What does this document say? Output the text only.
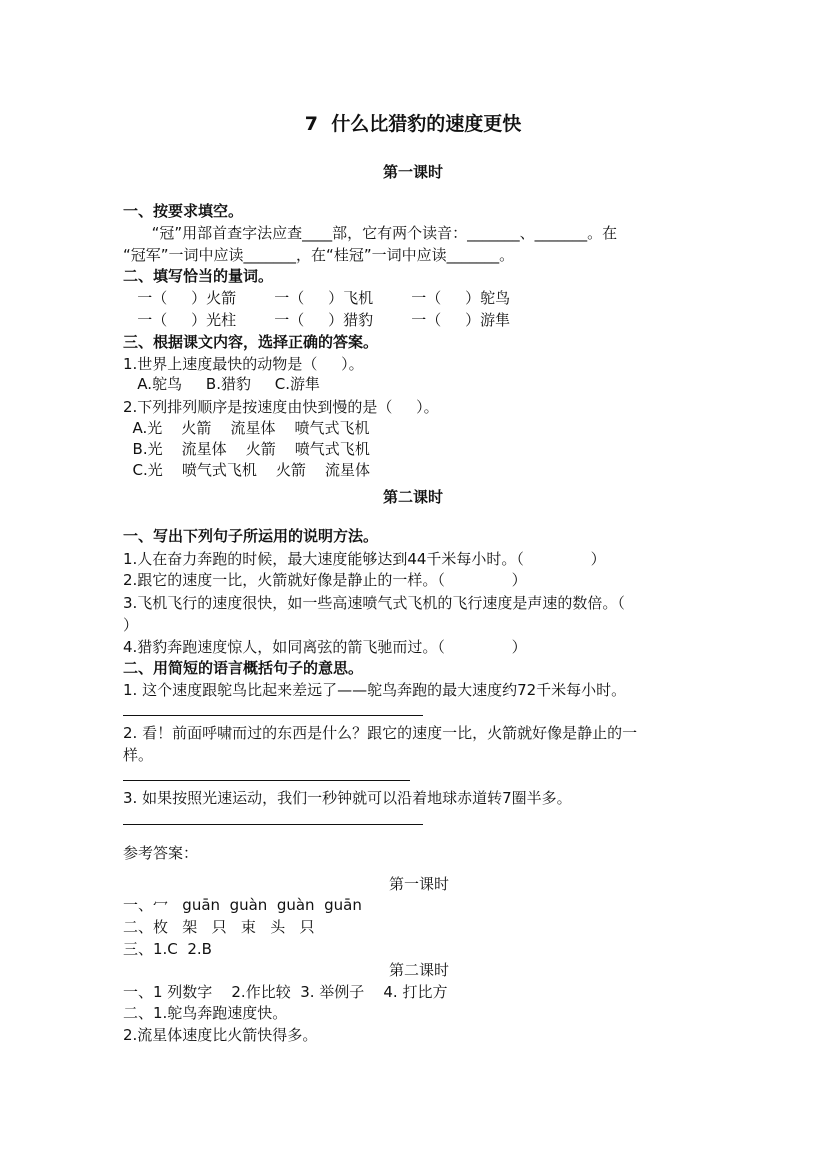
7  什么比猎豹的速度更快
第一课时
一、按要求填空。
“冠”用部首查字法应查____部，它有两个读音：_______、_______。在
“冠军”一词中应读_______，在“桂冠”一词中应读_______。
二、填写恰当的量词。
一（     ）火箭        一（     ）飞机        一（     ）鸵鸟
一（     ）光柱        一（     ）猎豹        一（     ）游隼
三、根据课文内容，选择正确的答案。
1.世界上速度最快的动物是（     ）。
A.鸵鸟     B.猎豹     C.游隼
2.下列排列顺序是按速度由快到慢的是（     ）。
A.光    火箭    流星体    喷气式飞机
B.光    流星体    火箭    喷气式飞机
C.光    喷气式飞机    火箭    流星体
第二课时
一、写出下列句子所运用的说明方法。
1.人在奋力奔跑的时候，最大速度能够达到44千米每小时。（              ）
2.跟它的速度一比，火箭就好像是静止的一样。（              ）
3.飞机飞行的速度很快，如一些高速喷气式飞机的飞行速度是声速的数倍。（
）
4.猎豹奔跑速度惊人，如同离弦的箭飞驰而过。（              ）
二、用简短的语言概括句子的意思。
1. 这个速度跟鸵鸟比起来差远了——鸵鸟奔跑的最大速度约72千米每小时。
2. 看！前面呼啸而过的东西是什么？跟它的速度一比，火箭就好像是静止的一
样。
3. 如果按照光速运动，我们一秒钟就可以沿着地球赤道转7圈半多。
参考答案：
第一课时
一、冖   guān  guàn  guàn  guān
二、枚   架   只   束   头   只
三、1.C  2.B
第二课时
一、1 列数字    2.作比较  3. 举例子    4. 打比方
二、1.鸵鸟奔跑速度快。
2.流星体速度比火箭快得多。
